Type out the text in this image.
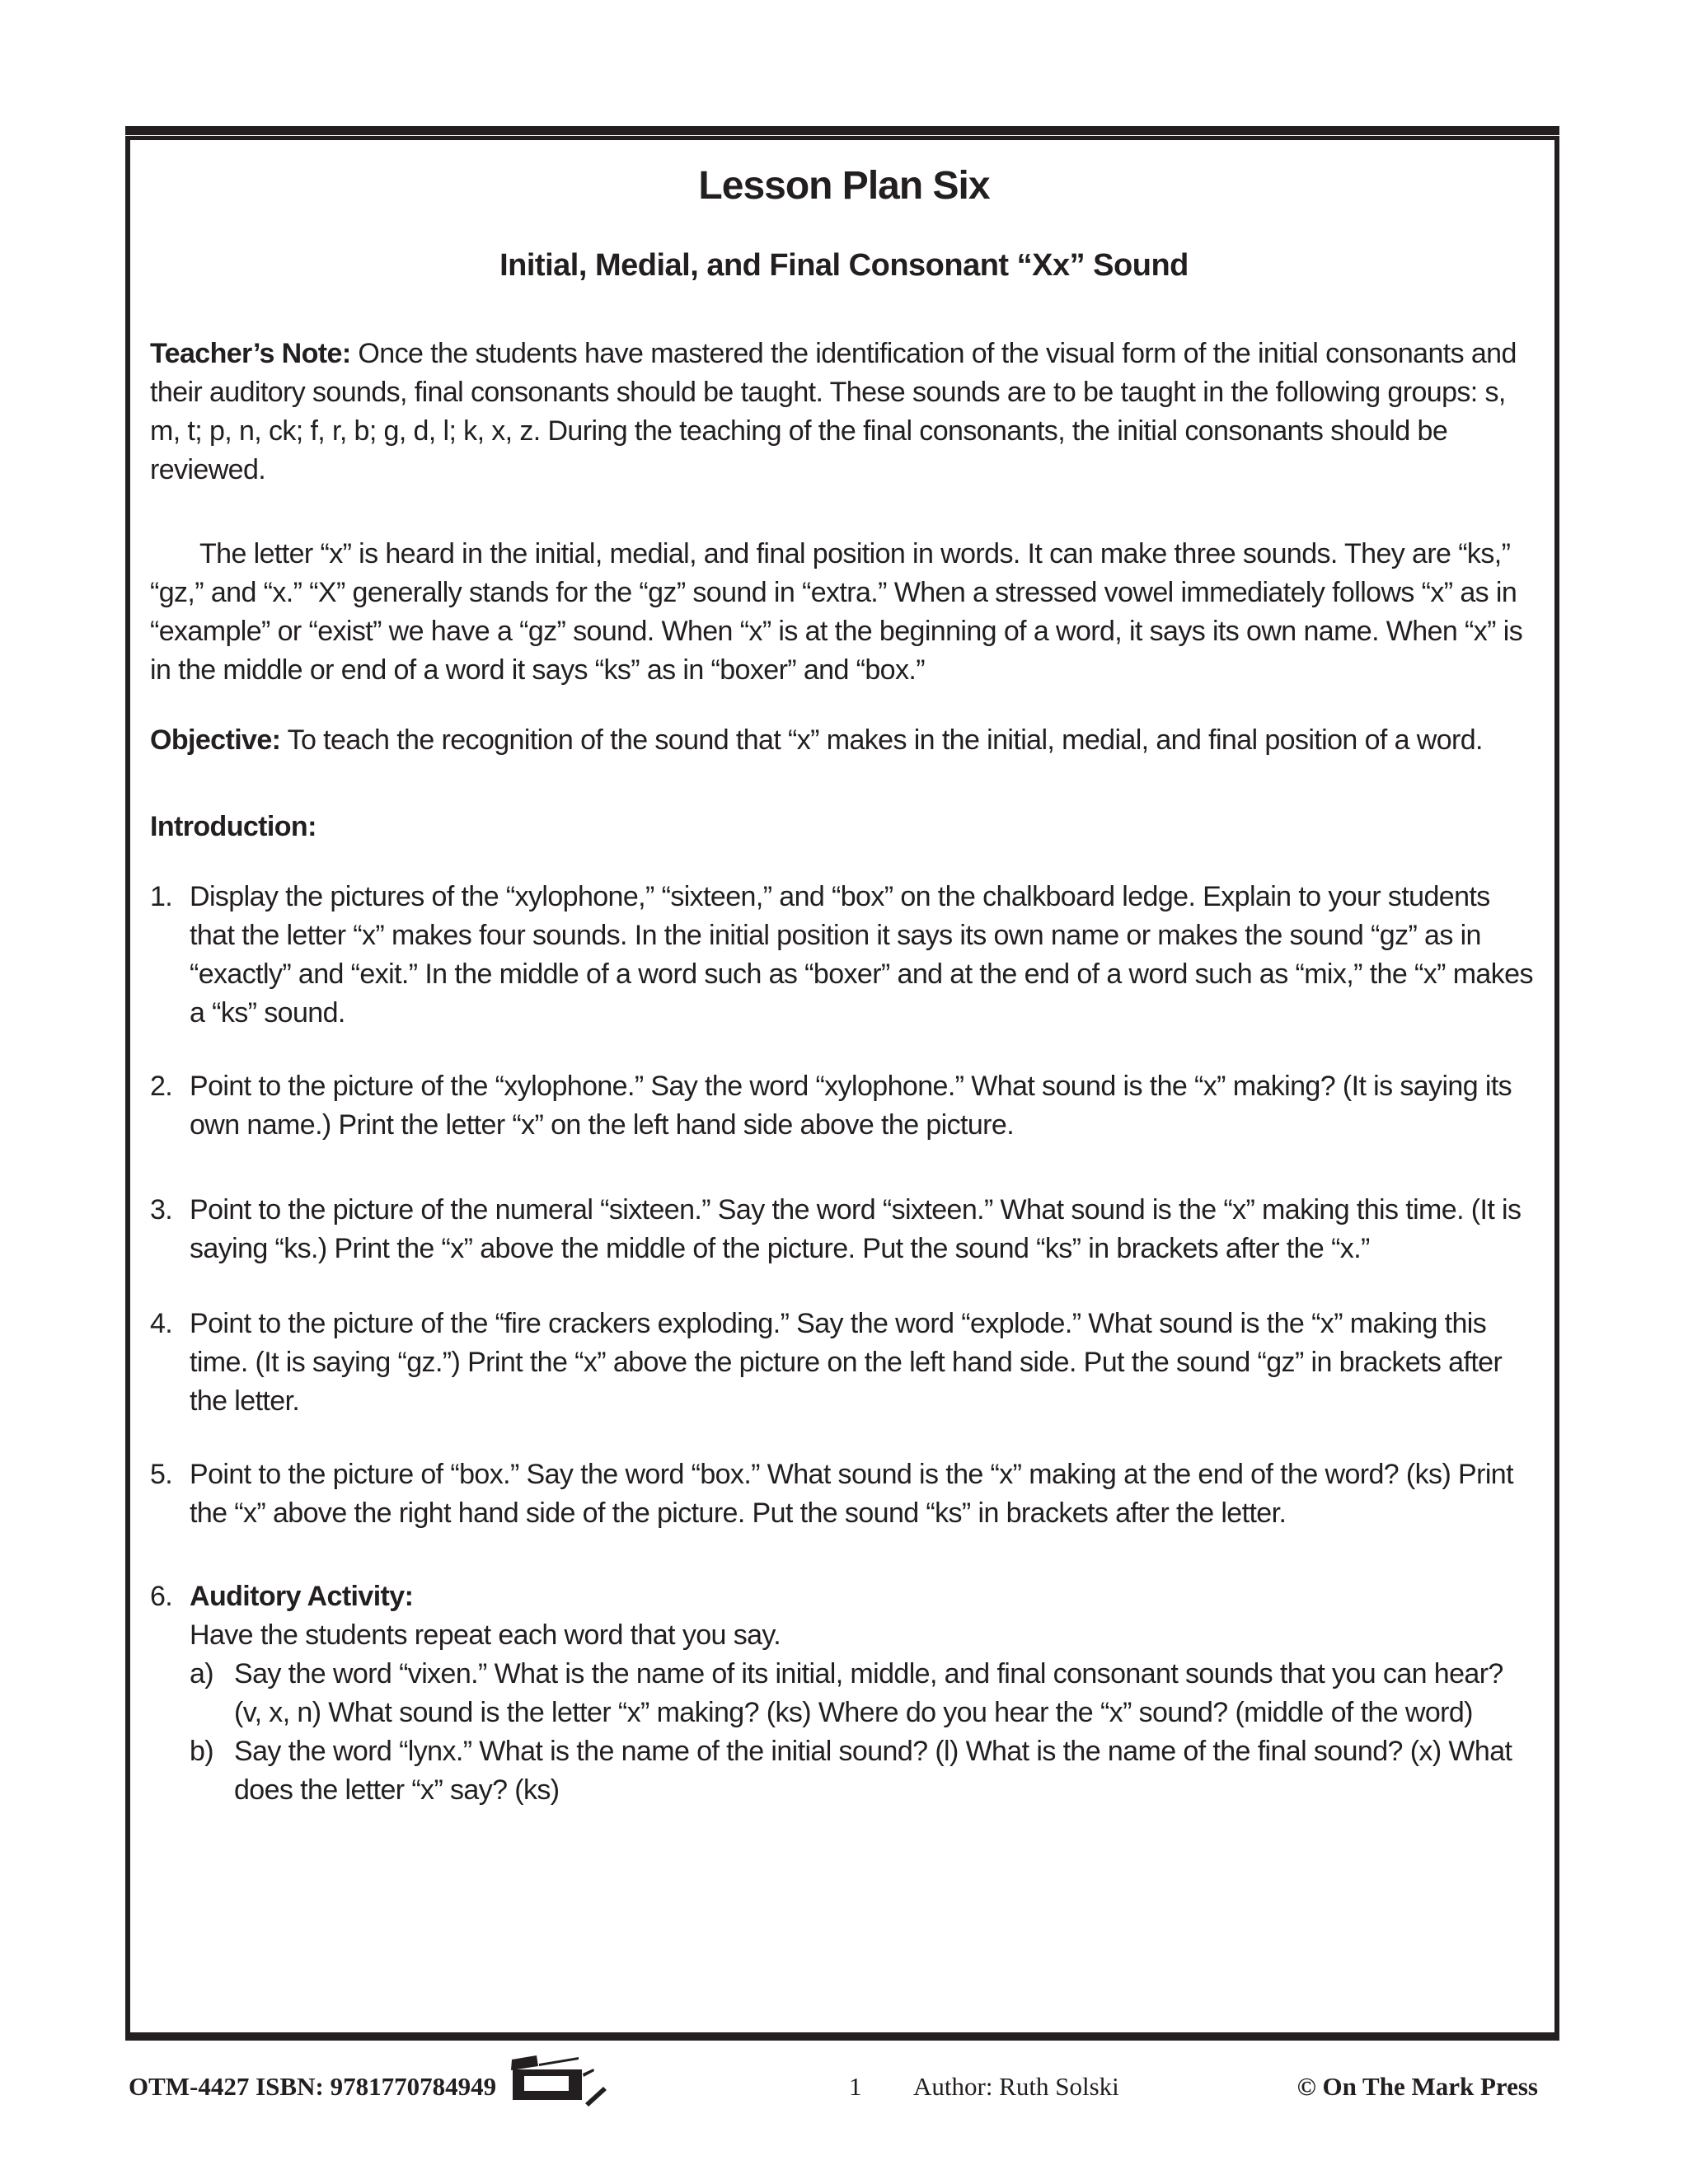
Lesson Plan Six
Initial, Medial, and Final Consonant “Xx” Sound

Teacher’s Note: Once the students have mastered the identification of the visual form of the initial consonants and their auditory sounds, final consonants should be taught. These sounds are to be taught in the following groups: s, m, t; p, n, ck; f, r, b; g, d, l; k, x, z. During the teaching of the final consonants, the initial consonants should be reviewed.

The letter “x” is heard in the initial, medial, and final position in words. It can make three sounds. They are “ks,” “gz,” and “x.” “X” generally stands for the “gz” sound in “extra.” When a stressed vowel immediately follows “x” as in “example” or “exist” we have a “gz” sound. When “x” is at the beginning of a word, it says its own name. When “x” is in the middle or end of a word it says “ks” as in “boxer” and “box.”

Objective: To teach the recognition of the sound that “x” makes in the initial, medial, and final position of a word.

Introduction:

1. Display the pictures of the “xylophone,” “sixteen,” and “box” on the chalkboard ledge. Explain to your students that the letter “x” makes four sounds. In the initial position it says its own name or makes the sound “gz” as in “exactly” and “exit.” In the middle of a word such as “boxer” and at the end of a word such as “mix,” the “x” makes a “ks” sound.

2. Point to the picture of the “xylophone.” Say the word “xylophone.” What sound is the “x” making? (It is saying its own name.) Print the letter “x” on the left hand side above the picture.

3. Point to the picture of the numeral “sixteen.” Say the word “sixteen.” What sound is the “x” making this time. (It is saying “ks.) Print the “x” above the middle of the picture. Put the sound “ks” in brackets after the “x.”

4. Point to the picture of the “fire crackers exploding.” Say the word “explode.” What sound is the “x” making this time. (It is saying “gz.”) Print the “x” above the picture on the left hand side. Put the sound “gz” in brackets after the letter.

5. Point to the picture of “box.” Say the word “box.” What sound is the “x” making at the end of the word? (ks) Print the “x” above the right hand side of the picture. Put the sound “ks” in brackets after the letter.

6. Auditory Activity:
Have the students repeat each word that you say.
a) Say the word “vixen.” What is the name of its initial, middle, and final consonant sounds that you can hear? (v, x, n) What sound is the letter “x” making? (ks) Where do you hear the “x” sound? (middle of the word)
b) Say the word “lynx.” What is the name of the initial sound? (l) What is the name of the final sound? (x) What does the letter “x” say? (ks)
OTM-4427 ISBN: 9781770784949	1 Author: Ruth Solski	© On The Mark Press
